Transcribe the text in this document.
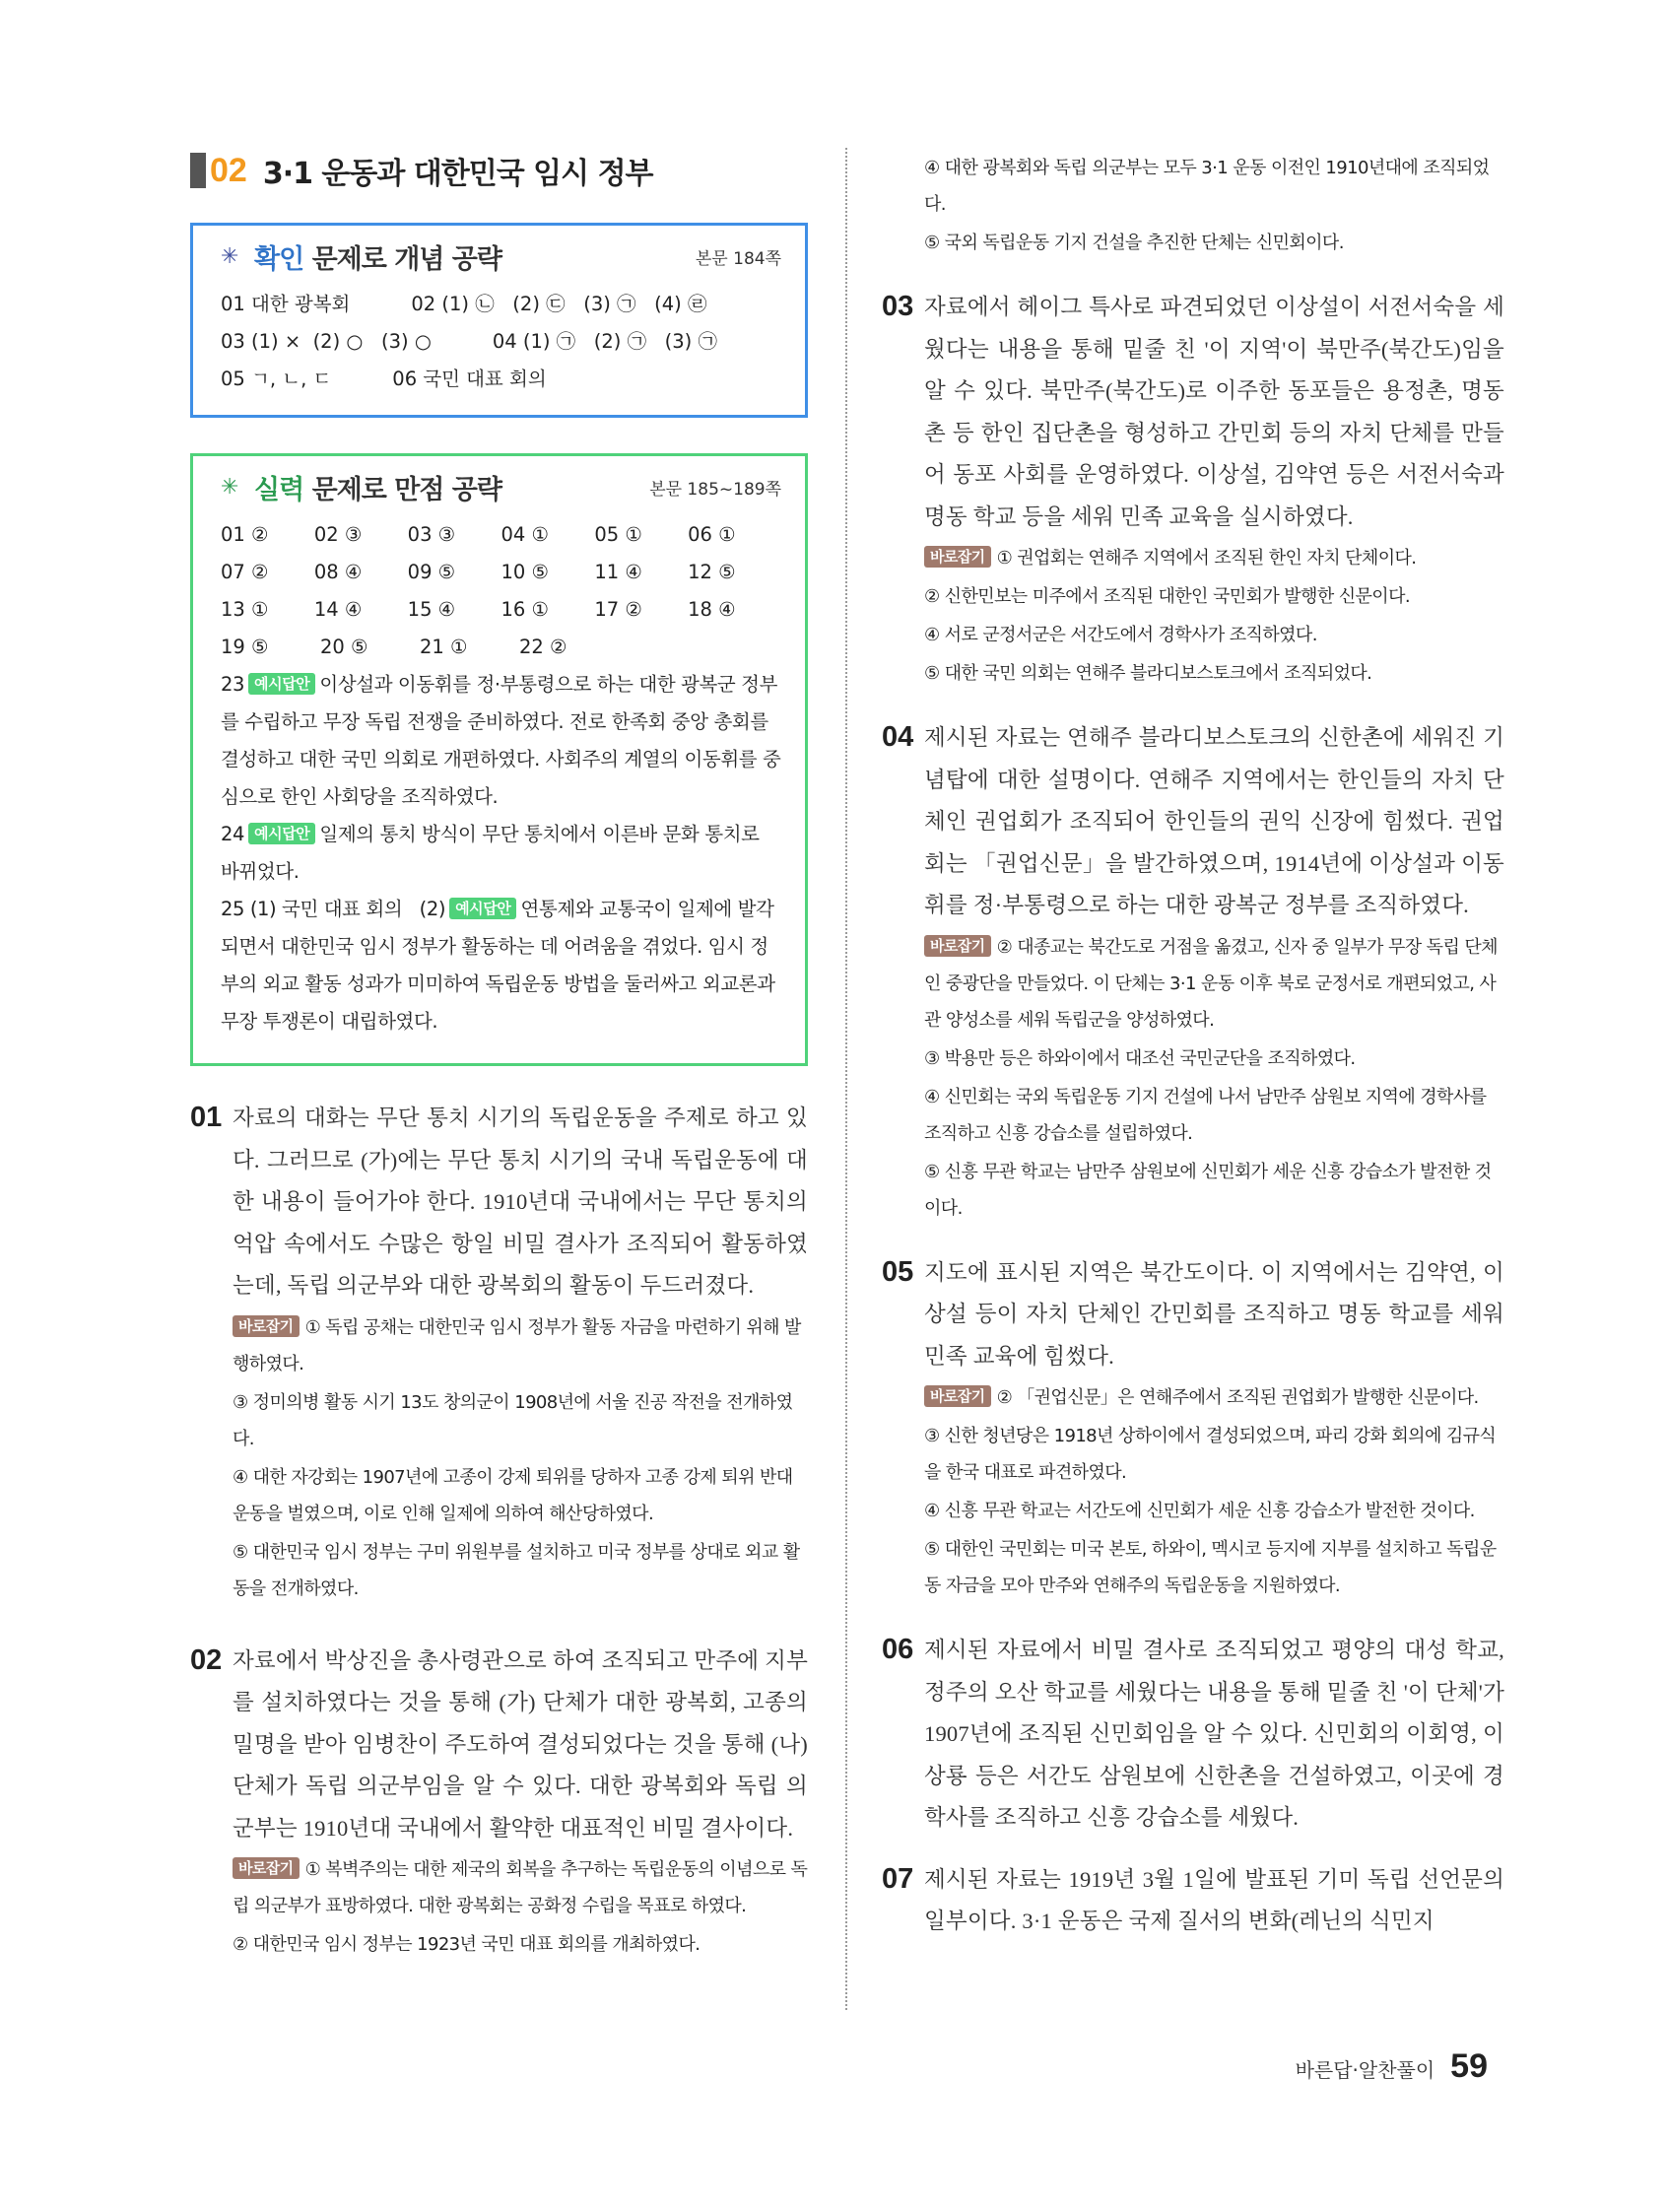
02 3·1 운동과 대한민국 임시 정부
✳ 확인 문제로 개념 공략	본문 184쪽
01 대한 광복회          02 (1) ㉡   (2) ㉢   (3) ㉠   (4) ㉣
03 (1) ×  (2) ○   (3) ○          04 (1) ㉠   (2) ㉠   (3) ㉠
05 ㄱ, ㄴ, ㄷ          06 국민 대표 회의
✳ 실력 문제로 만점 공략	본문 185~189쪽
01 ②	02 ③	03 ③	04 ①	05 ①	06 ①
07 ②	08 ④	09 ⑤	10 ⑤	11 ④	12 ⑤
13 ①	14 ④	15 ④	16 ①	17 ②	18 ④
19 ⑤	20 ⑤	21 ①	22 ②
23 예시답안 이상설과 이동휘를 정·부통령으로 하는 대한 광복군 정부를 수립하고 무장 독립 전쟁을 준비하였다. 전로 한족회 중앙 총회를 결성하고 대한 국민 의회로 개편하였다. 사회주의 계열의 이동휘를 중심으로 한인 사회당을 조직하였다.
24 예시답안 일제의 통치 방식이 무단 통치에서 이른바 문화 통치로 바뀌었다.
25 (1) 국민 대표 회의   (2) 예시답안 연통제와 교통국이 일제에 발각되면서 대한민국 임시 정부가 활동하는 데 어려움을 겪었다. 임시 정부의 외교 활동 성과가 미미하여 독립운동 방법을 둘러싸고 외교론과 무장 투쟁론이 대립하였다.
01 자료의 대화는 무단 통치 시기의 독립운동을 주제로 하고 있다. 그러므로 (가)에는 무단 통치 시기의 국내 독립운동에 대한 내용이 들어가야 한다. 1910년대 국내에서는 무단 통치의 억압 속에서도 수많은 항일 비밀 결사가 조직되어 활동하였는데, 독립 의군부와 대한 광복회의 활동이 두드러졌다.
바로잡기 ① 독립 공채는 대한민국 임시 정부가 활동 자금을 마련하기 위해 발행하였다.
③ 정미의병 활동 시기 13도 창의군이 1908년에 서울 진공 작전을 전개하였다.
④ 대한 자강회는 1907년에 고종이 강제 퇴위를 당하자 고종 강제 퇴위 반대 운동을 벌였으며, 이로 인해 일제에 의하여 해산당하였다.
⑤ 대한민국 임시 정부는 구미 위원부를 설치하고 미국 정부를 상대로 외교 활동을 전개하였다.
02 자료에서 박상진을 총사령관으로 하여 조직되고 만주에 지부를 설치하였다는 것을 통해 (가) 단체가 대한 광복회, 고종의 밀명을 받아 임병찬이 주도하여 결성되었다는 것을 통해 (나) 단체가 독립 의군부임을 알 수 있다. 대한 광복회와 독립 의군부는 1910년대 국내에서 활약한 대표적인 비밀 결사이다.
바로잡기 ① 복벽주의는 대한 제국의 회복을 추구하는 독립운동의 이념으로 독립 의군부가 표방하였다. 대한 광복회는 공화정 수립을 목표로 하였다.
② 대한민국 임시 정부는 1923년 국민 대표 회의를 개최하였다.
④ 대한 광복회와 독립 의군부는 모두 3·1 운동 이전인 1910년대에 조직되었다.
⑤ 국외 독립운동 기지 건설을 추진한 단체는 신민회이다.
03 자료에서 헤이그 특사로 파견되었던 이상설이 서전서숙을 세웠다는 내용을 통해 밑줄 친 '이 지역'이 북만주(북간도)임을 알 수 있다. 북만주(북간도)로 이주한 동포들은 용정촌, 명동촌 등 한인 집단촌을 형성하고 간민회 등의 자치 단체를 만들어 동포 사회를 운영하였다. 이상설, 김약연 등은 서전서숙과 명동 학교 등을 세워 민족 교육을 실시하였다.
바로잡기 ① 권업회는 연해주 지역에서 조직된 한인 자치 단체이다.
② 신한민보는 미주에서 조직된 대한인 국민회가 발행한 신문이다.
④ 서로 군정서군은 서간도에서 경학사가 조직하였다.
⑤ 대한 국민 의회는 연해주 블라디보스토크에서 조직되었다.
04 제시된 자료는 연해주 블라디보스토크의 신한촌에 세워진 기념탑에 대한 설명이다. 연해주 지역에서는 한인들의 자치 단체인 권업회가 조직되어 한인들의 권익 신장에 힘썼다. 권업회는 「권업신문」을 발간하였으며, 1914년에 이상설과 이동휘를 정·부통령으로 하는 대한 광복군 정부를 조직하였다.
바로잡기 ② 대종교는 북간도로 거점을 옮겼고, 신자 중 일부가 무장 독립 단체인 중광단을 만들었다. 이 단체는 3·1 운동 이후 북로 군정서로 개편되었고, 사관 양성소를 세워 독립군을 양성하였다.
③ 박용만 등은 하와이에서 대조선 국민군단을 조직하였다.
④ 신민회는 국외 독립운동 기지 건설에 나서 남만주 삼원보 지역에 경학사를 조직하고 신흥 강습소를 설립하였다.
⑤ 신흥 무관 학교는 남만주 삼원보에 신민회가 세운 신흥 강습소가 발전한 것이다.
05 지도에 표시된 지역은 북간도이다. 이 지역에서는 김약연, 이상설 등이 자치 단체인 간민회를 조직하고 명동 학교를 세워 민족 교육에 힘썼다.
바로잡기 ② 「권업신문」은 연해주에서 조직된 권업회가 발행한 신문이다.
③ 신한 청년당은 1918년 상하이에서 결성되었으며, 파리 강화 회의에 김규식을 한국 대표로 파견하였다.
④ 신흥 무관 학교는 서간도에 신민회가 세운 신흥 강습소가 발전한 것이다.
⑤ 대한인 국민회는 미국 본토, 하와이, 멕시코 등지에 지부를 설치하고 독립운동 자금을 모아 만주와 연해주의 독립운동을 지원하였다.
06 제시된 자료에서 비밀 결사로 조직되었고 평양의 대성 학교, 정주의 오산 학교를 세웠다는 내용을 통해 밑줄 친 '이 단체'가 1907년에 조직된 신민회임을 알 수 있다. 신민회의 이회영, 이상룡 등은 서간도 삼원보에 신한촌을 건설하였고, 이곳에 경학사를 조직하고 신흥 강습소를 세웠다.
07 제시된 자료는 1919년 3월 1일에 발표된 기미 독립 선언문의 일부이다. 3·1 운동은 국제 질서의 변화(레닌의 식민지
바른답·알찬풀이 59
